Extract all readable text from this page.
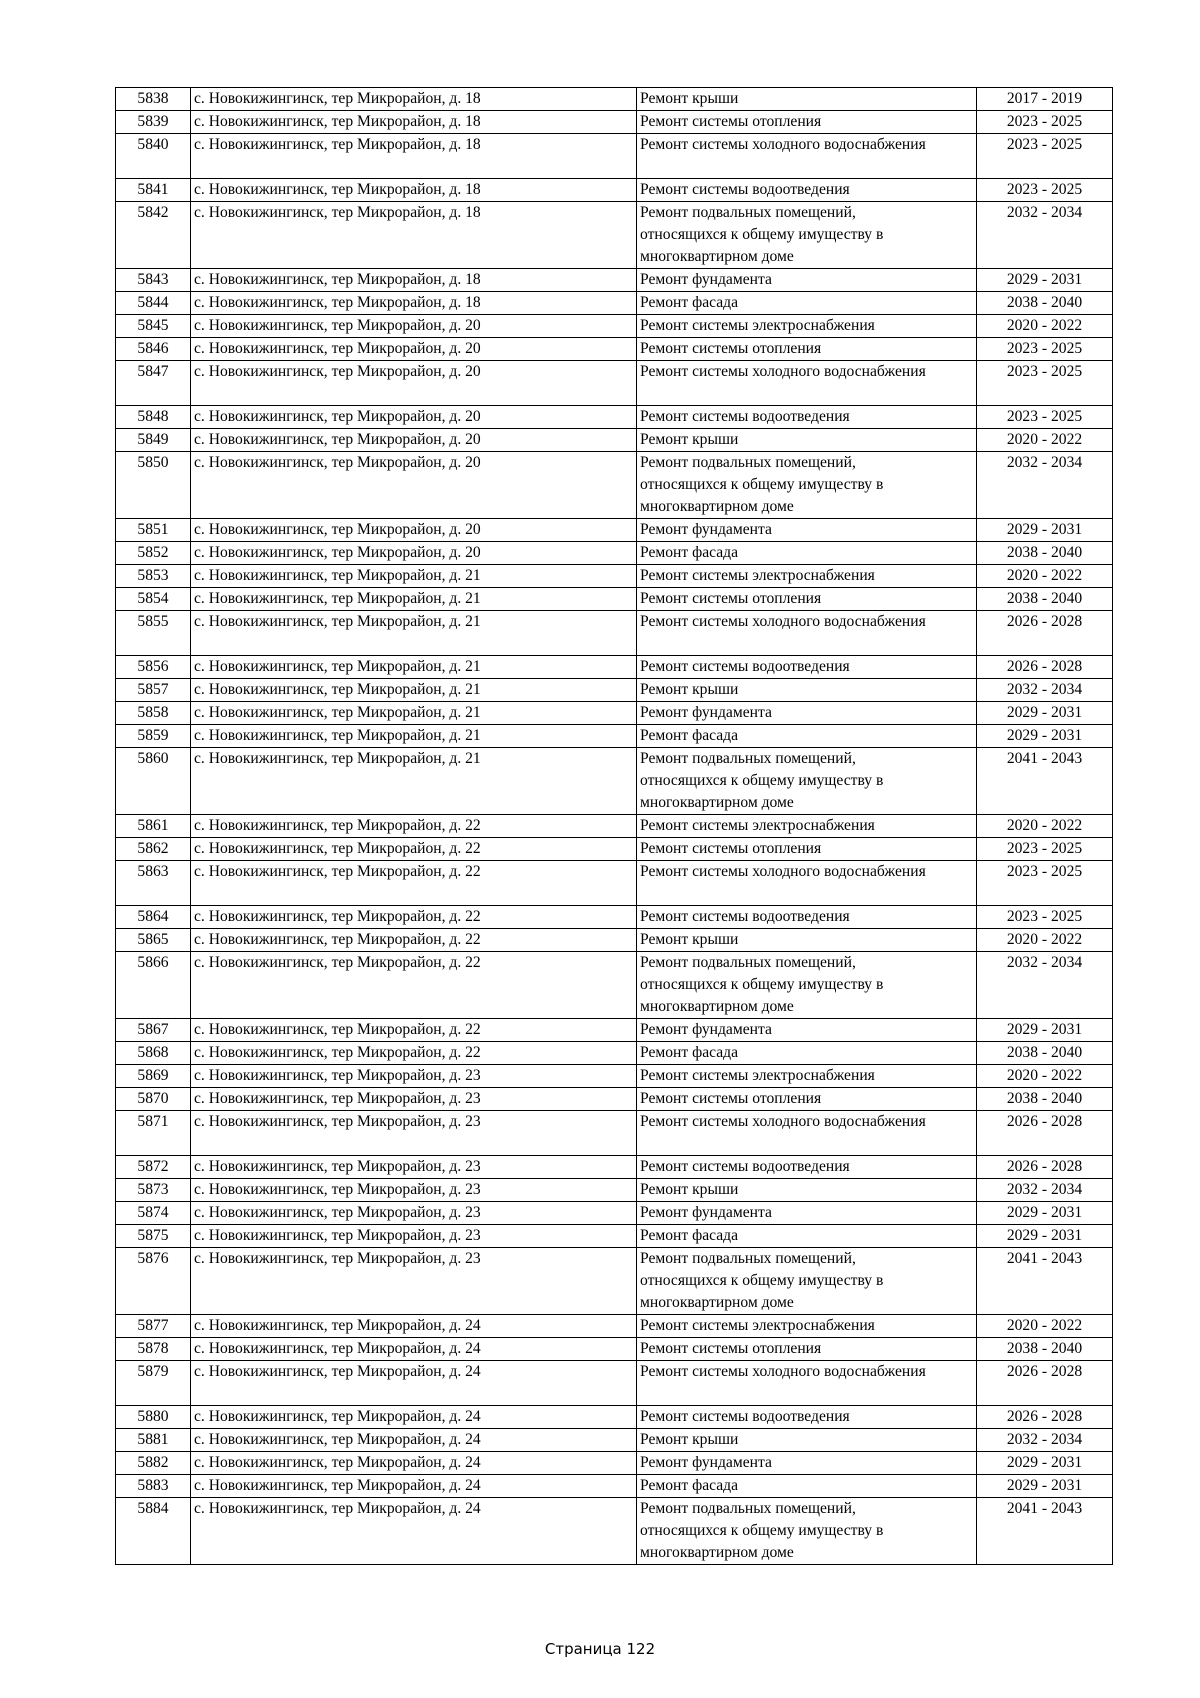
5838	с. Новокижингинск, тер Микрорайон, д. 18	Ремонт крыши	2017 - 2019
5839	с. Новокижингинск, тер Микрорайон, д. 18	Ремонт системы отопления	2023 - 2025
5840	с. Новокижингинск, тер Микрорайон, д. 18	Ремонт системы холодного водоснабжения	2023 - 2025
5841	с. Новокижингинск, тер Микрорайон, д. 18	Ремонт системы водоотведения	2023 - 2025
5842	с. Новокижингинск, тер Микрорайон, д. 18	Ремонт подвальных помещений,
относящихся к общему имуществу в
многоквартирном доме	2032 - 2034
5843	с. Новокижингинск, тер Микрорайон, д. 18	Ремонт фундамента	2029 - 2031
5844	с. Новокижингинск, тер Микрорайон, д. 18	Ремонт фасада	2038 - 2040
5845	с. Новокижингинск, тер Микрорайон, д. 20	Ремонт системы электроснабжения	2020 - 2022
5846	с. Новокижингинск, тер Микрорайон, д. 20	Ремонт системы отопления	2023 - 2025
5847	с. Новокижингинск, тер Микрорайон, д. 20	Ремонт системы холодного водоснабжения	2023 - 2025
5848	с. Новокижингинск, тер Микрорайон, д. 20	Ремонт системы водоотведения	2023 - 2025
5849	с. Новокижингинск, тер Микрорайон, д. 20	Ремонт крыши	2020 - 2022
5850	с. Новокижингинск, тер Микрорайон, д. 20	Ремонт подвальных помещений,
относящихся к общему имуществу в
многоквартирном доме	2032 - 2034
5851	с. Новокижингинск, тер Микрорайон, д. 20	Ремонт фундамента	2029 - 2031
5852	с. Новокижингинск, тер Микрорайон, д. 20	Ремонт фасада	2038 - 2040
5853	с. Новокижингинск, тер Микрорайон, д. 21	Ремонт системы электроснабжения	2020 - 2022
5854	с. Новокижингинск, тер Микрорайон, д. 21	Ремонт системы отопления	2038 - 2040
5855	с. Новокижингинск, тер Микрорайон, д. 21	Ремонт системы холодного водоснабжения	2026 - 2028
5856	с. Новокижингинск, тер Микрорайон, д. 21	Ремонт системы водоотведения	2026 - 2028
5857	с. Новокижингинск, тер Микрорайон, д. 21	Ремонт крыши	2032 - 2034
5858	с. Новокижингинск, тер Микрорайон, д. 21	Ремонт фундамента	2029 - 2031
5859	с. Новокижингинск, тер Микрорайон, д. 21	Ремонт фасада	2029 - 2031
5860	с. Новокижингинск, тер Микрорайон, д. 21	Ремонт подвальных помещений,
относящихся к общему имуществу в
многоквартирном доме	2041 - 2043
5861	с. Новокижингинск, тер Микрорайон, д. 22	Ремонт системы электроснабжения	2020 - 2022
5862	с. Новокижингинск, тер Микрорайон, д. 22	Ремонт системы отопления	2023 - 2025
5863	с. Новокижингинск, тер Микрорайон, д. 22	Ремонт системы холодного водоснабжения	2023 - 2025
5864	с. Новокижингинск, тер Микрорайон, д. 22	Ремонт системы водоотведения	2023 - 2025
5865	с. Новокижингинск, тер Микрорайон, д. 22	Ремонт крыши	2020 - 2022
5866	с. Новокижингинск, тер Микрорайон, д. 22	Ремонт подвальных помещений,
относящихся к общему имуществу в
многоквартирном доме	2032 - 2034
5867	с. Новокижингинск, тер Микрорайон, д. 22	Ремонт фундамента	2029 - 2031
5868	с. Новокижингинск, тер Микрорайон, д. 22	Ремонт фасада	2038 - 2040
5869	с. Новокижингинск, тер Микрорайон, д. 23	Ремонт системы электроснабжения	2020 - 2022
5870	с. Новокижингинск, тер Микрорайон, д. 23	Ремонт системы отопления	2038 - 2040
5871	с. Новокижингинск, тер Микрорайон, д. 23	Ремонт системы холодного водоснабжения	2026 - 2028
5872	с. Новокижингинск, тер Микрорайон, д. 23	Ремонт системы водоотведения	2026 - 2028
5873	с. Новокижингинск, тер Микрорайон, д. 23	Ремонт крыши	2032 - 2034
5874	с. Новокижингинск, тер Микрорайон, д. 23	Ремонт фундамента	2029 - 2031
5875	с. Новокижингинск, тер Микрорайон, д. 23	Ремонт фасада	2029 - 2031
5876	с. Новокижингинск, тер Микрорайон, д. 23	Ремонт подвальных помещений,
относящихся к общему имуществу в
многоквартирном доме	2041 - 2043
5877	с. Новокижингинск, тер Микрорайон, д. 24	Ремонт системы электроснабжения	2020 - 2022
5878	с. Новокижингинск, тер Микрорайон, д. 24	Ремонт системы отопления	2038 - 2040
5879	с. Новокижингинск, тер Микрорайон, д. 24	Ремонт системы холодного водоснабжения	2026 - 2028
5880	с. Новокижингинск, тер Микрорайон, д. 24	Ремонт системы водоотведения	2026 - 2028
5881	с. Новокижингинск, тер Микрорайон, д. 24	Ремонт крыши	2032 - 2034
5882	с. Новокижингинск, тер Микрорайон, д. 24	Ремонт фундамента	2029 - 2031
5883	с. Новокижингинск, тер Микрорайон, д. 24	Ремонт фасада	2029 - 2031
5884	с. Новокижингинск, тер Микрорайон, д. 24	Ремонт подвальных помещений,
относящихся к общему имуществу в
многоквартирном доме	2041 - 2043
Страница 122
